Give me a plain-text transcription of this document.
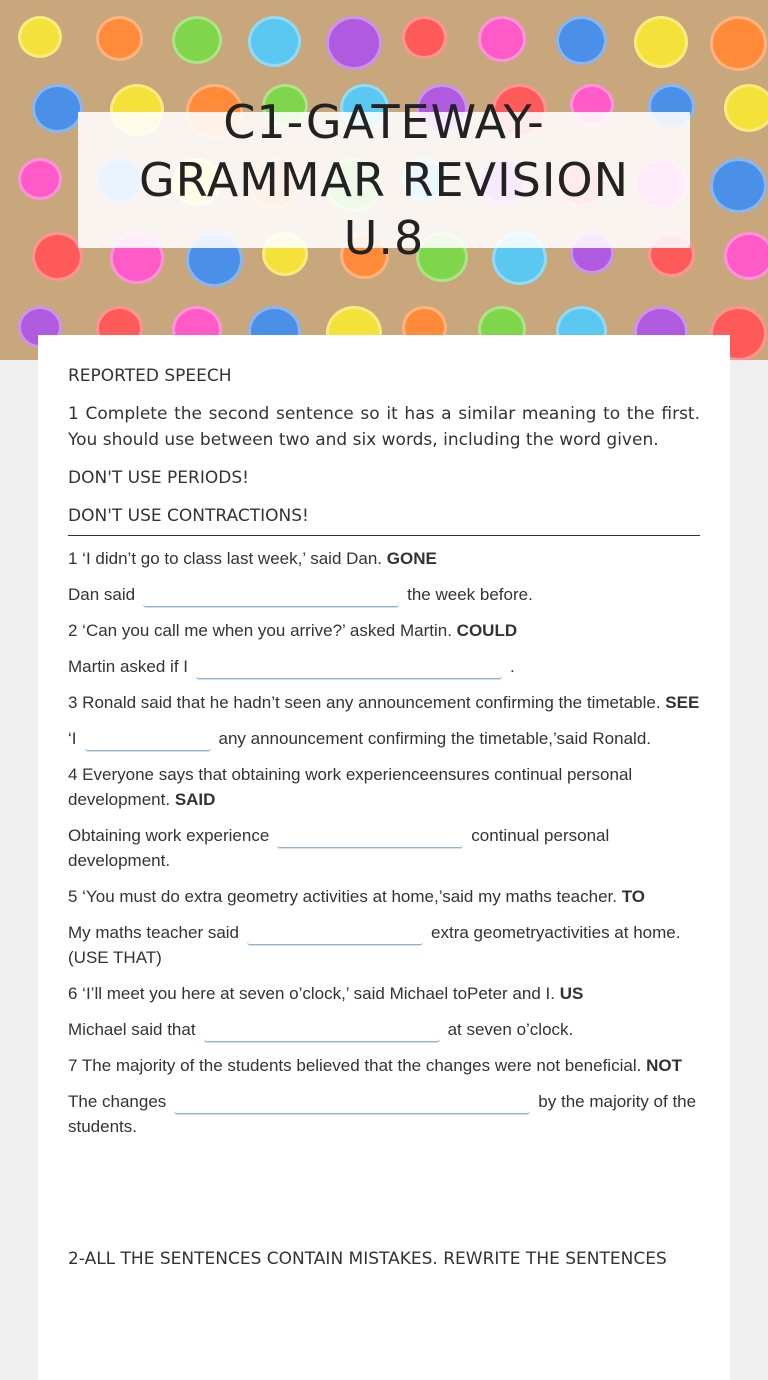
C1-GATEWAY-GRAMMAR REVISION U.8

REPORTED SPEECH

1 Complete the second sentence so it has a similar meaning to the first. You should use between two and six words, including the word given.

DON'T USE PERIODS!

DON'T USE CONTRACTIONS!

1 ‘I didn’t go to class last week,’ said Dan. GONE

Dan said	the week before.

2 ‘Can you call me when you arrive?’ asked Martin. COULD

Martin asked if I	.

3 Ronald said that he hadn’t seen any announcement confirming the timetable. SEE

‘I	any announcement confirming the timetable,’said Ronald.

4 Everyone says that obtaining work experienceensures continual personal development. SAID

Obtaining work experience	continual personal development.

5 ‘You must do extra geometry activities at home,’said my maths teacher. TO

My maths teacher said	extra geometryactivities at home. (USE THAT)

6 ‘I’ll meet you here at seven o’clock,’ said Michael toPeter and I. US

Michael said that	at seven o’clock.

7 The majority of the students believed that the changes were not beneficial. NOT

The changes	by the majority of the students.

2-ALL THE SENTENCES CONTAIN MISTAKES. REWRITE THE SENTENCES
